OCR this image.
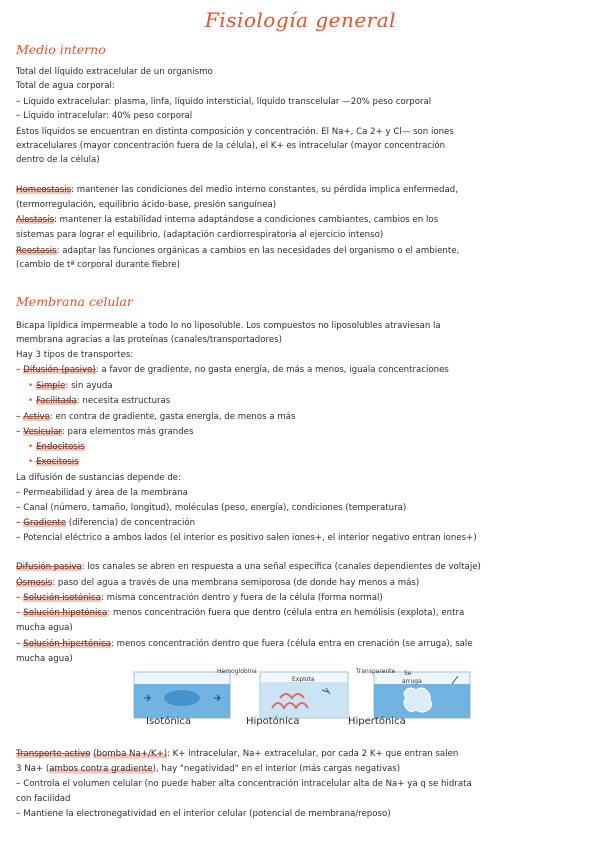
Fisiología general
Medio interno
Total del líquido extracelular de un organismo
Total de agua corporal:
– Líquido extracelular: plasma, linfa, líquido intersticial, líquido transcelular —20% peso corporal
– Líquido intracelular: 40% peso corporal
Estos líquidos se encuentran en distinta composición y concentración. El Na+, Ca 2+ y Cl— son iones
extracelulares (mayor concentración fuera de la célula), el K+ es intracelular (mayor concentración
dentro de la célula)
Homeostasis: mantener las condiciones del medio interno constantes, su pérdida implica enfermedad,
(termorregulación, equilibrio ácido-base, presión sanguínea)
Alostasis: mantener la estabilidad interna adaptándose a condiciones cambiantes, cambios en los
sistemas para lograr el equilibrio, (adaptación cardiorrespiratoria al ejercicio intenso)
Reostasis: adaptar las funciones orgánicas a cambios en las necesidades del organismo o el ambiente,
(cambio de tª corporal durante fiebre)
Membrana celular
Bicapa lipídica impermeable a todo lo no liposoluble. Los compuestos no liposolubles atraviesan la
membrana agracias a las proteínas (canales/transportadores)
Hay 3 tipos de transportes:
– Difusión (pasivo): a favor de gradiente, no gasta energía, de más a menos, iguala concentraciones
• Simple: sin ayuda
• Facilitada: necesita estructuras
– Activo: en contra de gradiente, gasta energía, de menos a más
– Vesicular: para elementos más grandes
• Endocitosis
• Exocitosis
La difusión de sustancias depende de:
– Permeabilidad y área de la membrana
– Canal (número, tamaño, longitud), moléculas (peso, energía), condiciones (temperatura)
– Gradiente (diferencia) de concentración
– Potencial eléctrico a ambos lados (el interior es positivo salen iones+, el interior negativo entran iones+)
Difusión pasiva: los canales se abren en respuesta a una señal específica (canales dependientes de voltaje)
Ósmosis: paso del agua a través de una membrana semiporosa (de donde hay menos a más)
– Solución isotónica: misma concentración dentro y fuera de la célula (forma normal)
– Solución hipotónica: menos concentración fuera que dentro (célula entra en hemólisis (explota), entra
mucha agua)
– Solución hipertónica: menos concentración dentro que fuera (célula entra en crenación (se arruga), sale
mucha agua)
Hemoglobina
Explota
Transparente Se
arruga
Isotónica	Hipotónica	Hipertónica
Transporte activo (bomba Na+/K+): K+ intracelular, Na+ extracelular, por cada 2 K+ que entran salen
3 Na+ (ambos contra gradiente), hay "negatividad" en el interior (más cargas negativas)
– Controla el volumen celular (no puede haber alta concentración intracelular alta de Na+ ya q se hidrata
con facilidad
– Mantiene la electronegatividad en el interior celular (potencial de membrana/reposo)
